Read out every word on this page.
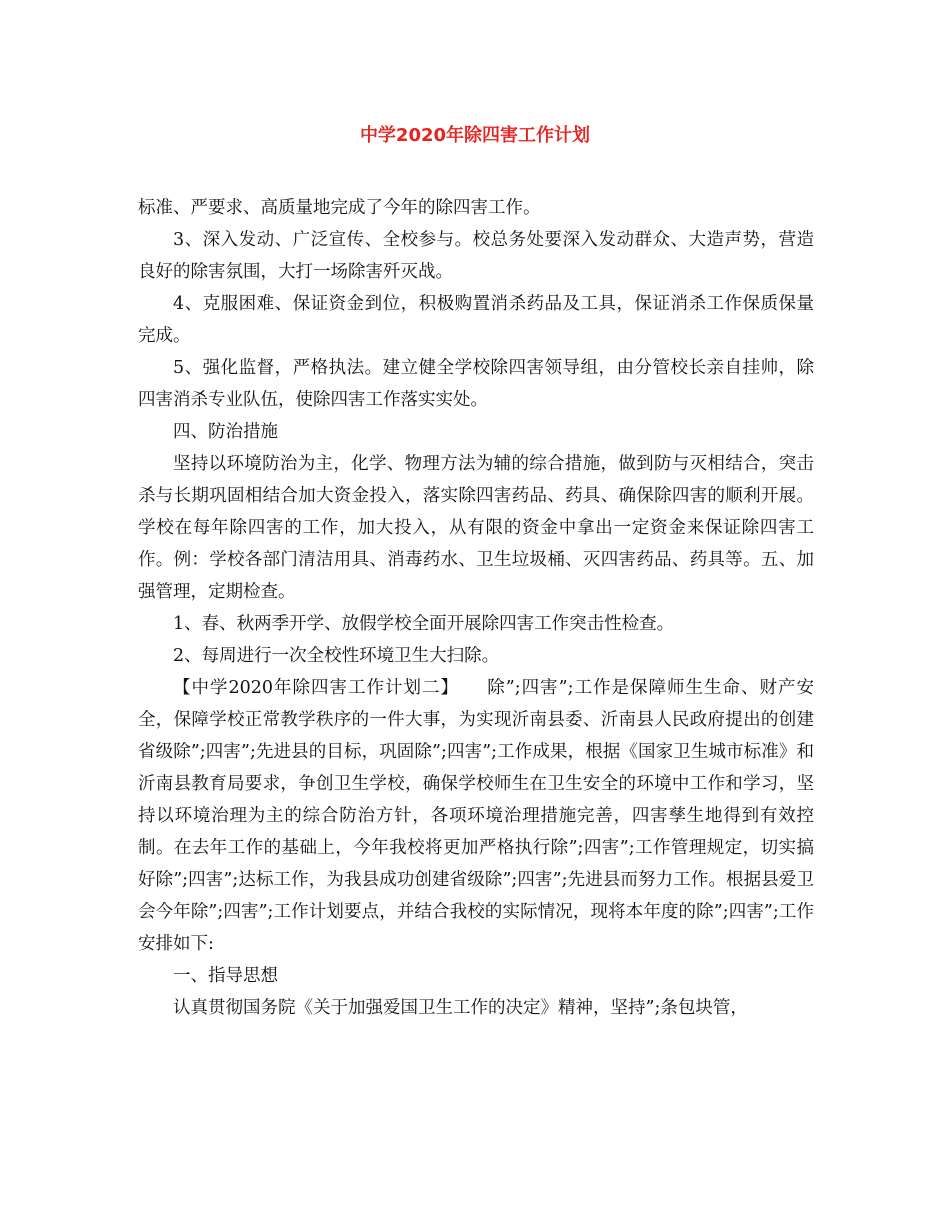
中学2020年除四害工作计划

标准、严要求、高质量地完成了今年的除四害工作。

3、深入发动、广泛宣传、全校参与。校总务处要深入发动群众、大造声势，营造良好的除害氛围，大打一场除害歼灭战。

4、克服困难、保证资金到位，积极购置消杀药品及工具，保证消杀工作保质保量完成。

5、强化监督，严格执法。建立健全学校除四害领导组，由分管校长亲自挂帅，除四害消杀专业队伍，使除四害工作落实实处。

四、防治措施

坚持以环境防治为主，化学、物理方法为辅的综合措施，做到防与灭相结合，突击杀与长期巩固相结合加大资金投入，落实除四害药品、药具、确保除四害的顺利开展。学校在每年除四害的工作，加大投入，从有限的资金中拿出一定资金来保证除四害工作。例：学校各部门清洁用具、消毒药水、卫生垃圾桶、灭四害药品、药具等。五、加强管理，定期检查。

1、春、秋两季开学、放假学校全面开展除四害工作突击性检查。

2、每周进行一次全校性环境卫生大扫除。

【中学2020年除四害工作计划二】　　除”;四害”;工作是保障师生生命、财产安全，保障学校正常教学秩序的一件大事，为实现沂南县委、沂南县人民政府提出的创建省级除”;四害”;先进县的目标，巩固除”;四害”;工作成果，根据《国家卫生城市标准》和沂南县教育局要求，争创卫生学校，确保学校师生在卫生安全的环境中工作和学习，坚持以环境治理为主的综合防治方针，各项环境治理措施完善，四害孳生地得到有效控制。在去年工作的基础上，今年我校将更加严格执行除”;四害”;工作管理规定，切实搞好除”;四害”;达标工作，为我县成功创建省级除”;四害”;先进县而努力工作。根据县爱卫会今年除”;四害”;工作计划要点，并结合我校的实际情况，现将本年度的除”;四害”;工作安排如下:

一、指导思想

认真贯彻国务院《关于加强爱国卫生工作的决定》精神，坚持”;条包块管，
